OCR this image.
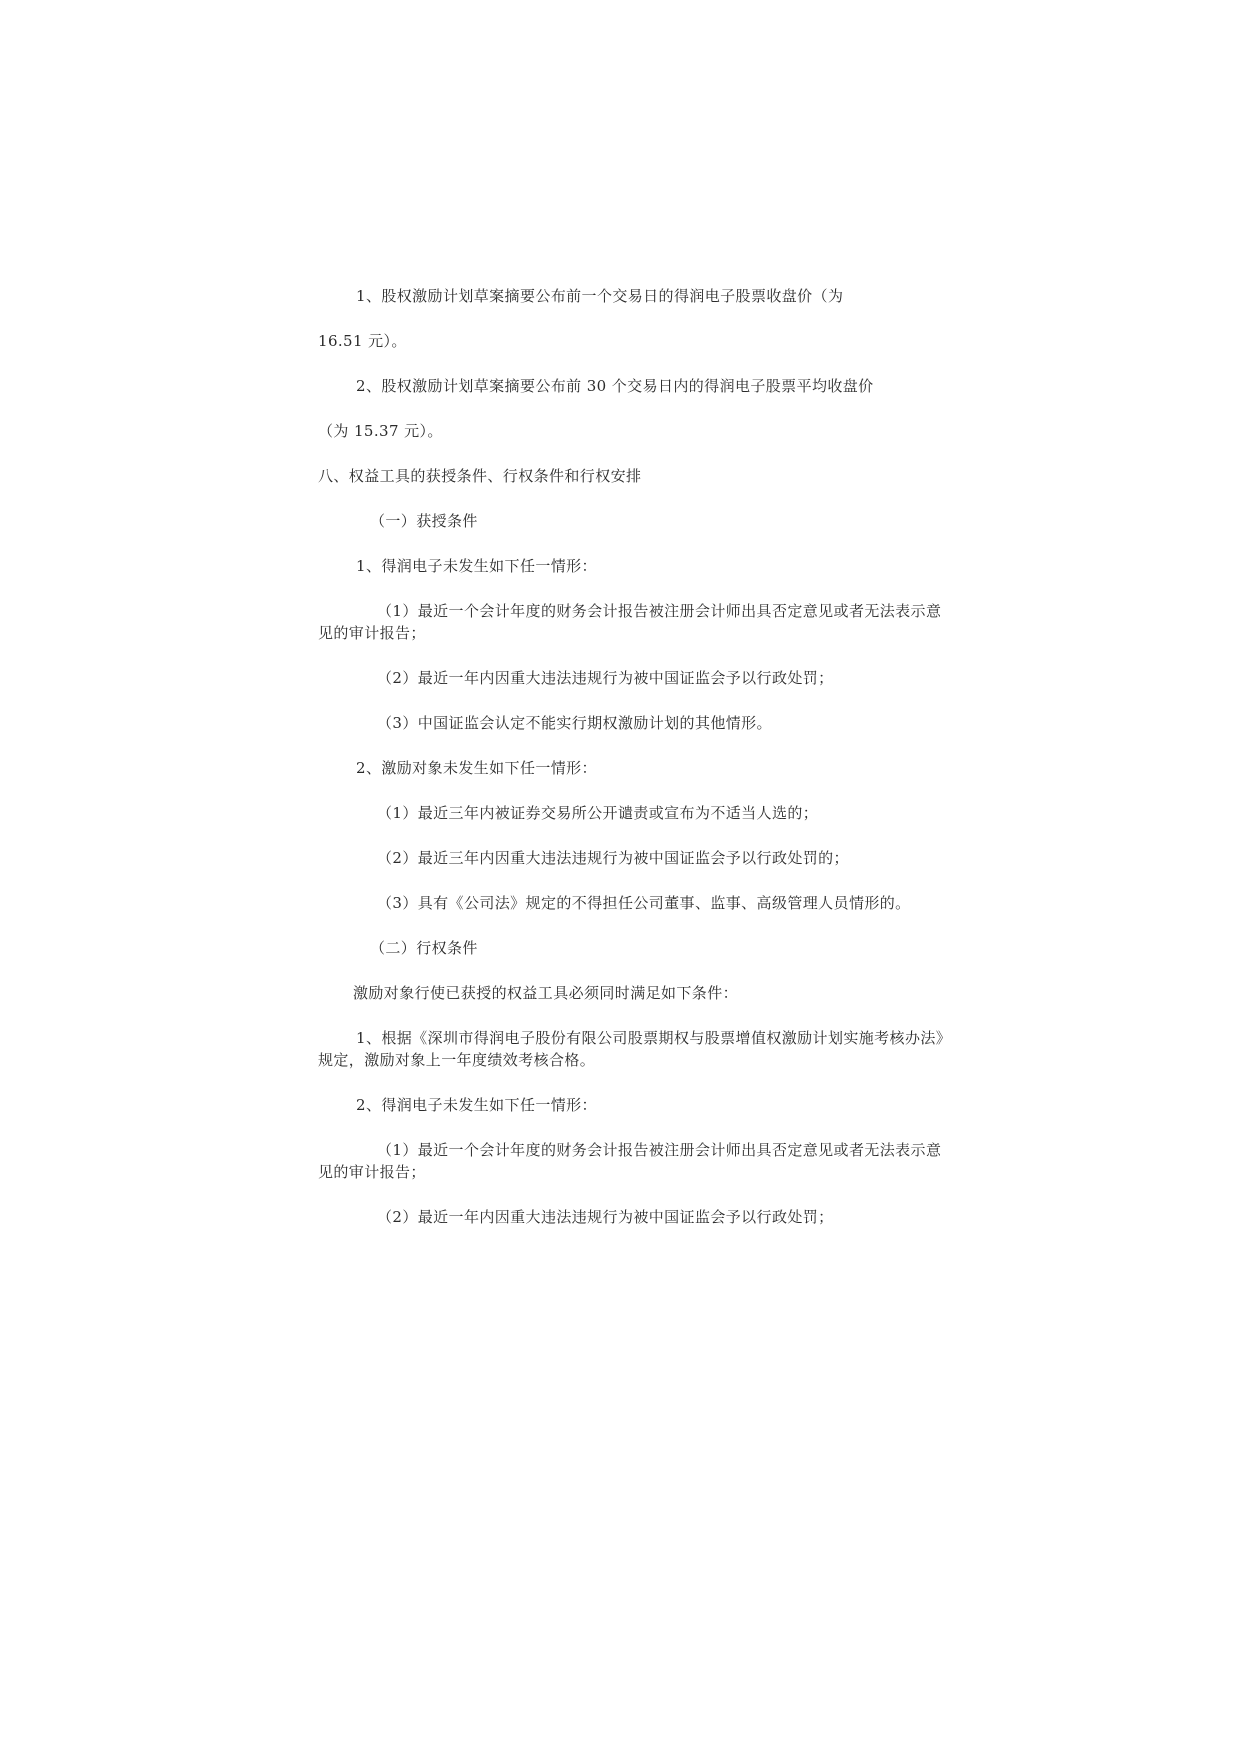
1、股权激励计划草案摘要公布前一个交易日的得润电子股票收盘价（为
16.51 元）。
2、股权激励计划草案摘要公布前 30 个交易日内的得润电子股票平均收盘价
（为 15.37 元）。
八、权益工具的获授条件、行权条件和行权安排
（一）获授条件
1、得润电子未发生如下任一情形：
（1）最近一个会计年度的财务会计报告被注册会计师出具否定意见或者无法表示意
见的审计报告；
（2）最近一年内因重大违法违规行为被中国证监会予以行政处罚；
（3）中国证监会认定不能实行期权激励计划的其他情形。
2、激励对象未发生如下任一情形：
（1）最近三年内被证券交易所公开谴责或宣布为不适当人选的；
（2）最近三年内因重大违法违规行为被中国证监会予以行政处罚的；
（3）具有《公司法》规定的不得担任公司董事、监事、高级管理人员情形的。
（二）行权条件
激励对象行使已获授的权益工具必须同时满足如下条件：
1、根据《深圳市得润电子股份有限公司股票期权与股票增值权激励计划实施考核办法》
规定，激励对象上一年度绩效考核合格。
2、得润电子未发生如下任一情形：
（1）最近一个会计年度的财务会计报告被注册会计师出具否定意见或者无法表示意
见的审计报告；
（2）最近一年内因重大违法违规行为被中国证监会予以行政处罚；
